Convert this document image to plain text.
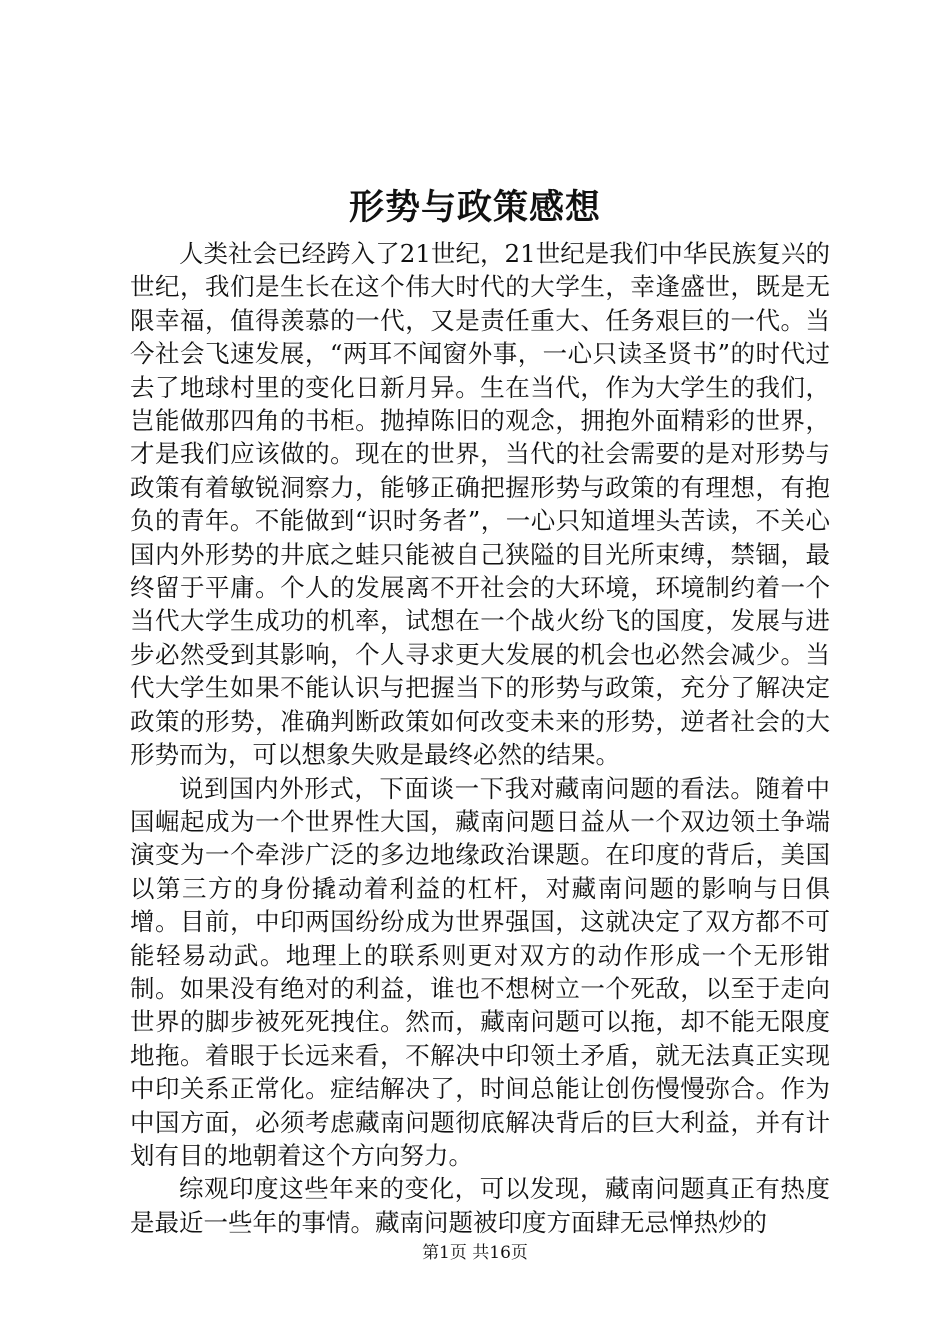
形势与政策感想

人类社会已经跨入了21世纪，21世纪是我们中华民族复兴的世纪，我们是生长在这个伟大时代的大学生，幸逢盛世，既是无限幸福，值得羡慕的一代，又是责任重大、任务艰巨的一代。当今社会飞速发展，“两耳不闻窗外事，一心只读圣贤书”的时代过去了地球村里的变化日新月异。生在当代，作为大学生的我们，岂能做那四角的书柜。抛掉陈旧的观念，拥抱外面精彩的世界，才是我们应该做的。现在的世界，当代的社会需要的是对形势与政策有着敏锐洞察力，能够正确把握形势与政策的有理想，有抱负的青年。不能做到“识时务者”，一心只知道埋头苦读，不关心国内外形势的井底之蛙只能被自己狭隘的目光所束缚，禁锢，最终留于平庸。个人的发展离不开社会的大环境，环境制约着一个当代大学生成功的机率，试想在一个战火纷飞的国度，发展与进步必然受到其影响，个人寻求更大发展的机会也必然会减少。当代大学生如果不能认识与把握当下的形势与政策，充分了解决定政策的形势，准确判断政策如何改变未来的形势，逆者社会的大形势而为，可以想象失败是最终必然的结果。

说到国内外形式，下面谈一下我对藏南问题的看法。随着中国崛起成为一个世界性大国，藏南问题日益从一个双边领土争端演变为一个牵涉广泛的多边地缘政治课题。在印度的背后，美国以第三方的身份撬动着利益的杠杆，对藏南问题的影响与日俱增。目前，中印两国纷纷成为世界强国，这就决定了双方都不可能轻易动武。地理上的联系则更对双方的动作形成一个无形钳制。如果没有绝对的利益，谁也不想树立一个死敌，以至于走向世界的脚步被死死拽住。然而，藏南问题可以拖，却不能无限度地拖。着眼于长远来看，不解决中印领土矛盾，就无法真正实现中印关系正常化。症结解决了，时间总能让创伤慢慢弥合。作为中国方面，必须考虑藏南问题彻底解决背后的巨大利益，并有计划有目的地朝着这个方向努力。

综观印度这些年来的变化，可以发现，藏南问题真正有热度是最近一些年的事情。藏南问题被印度方面肆无忌惮热炒的

第1页 共16页
